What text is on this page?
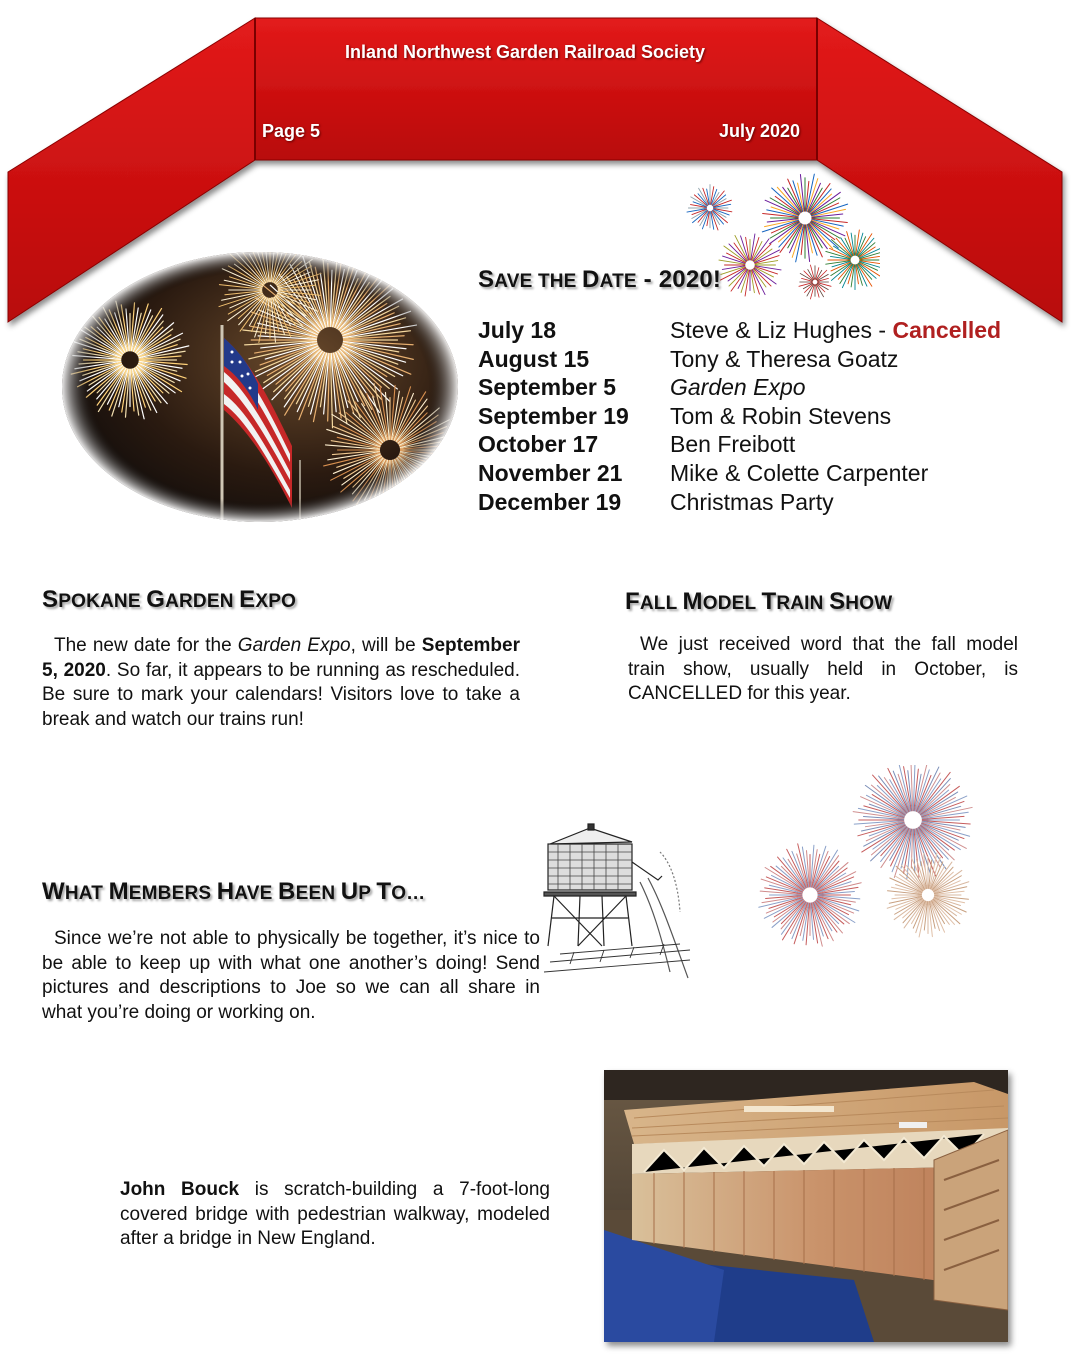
Inland Northwest Garden Railroad Society
Page 5	July 2020
SAVE THE DATE - 2020!
July 18	Steve & Liz Hughes - Cancelled
August 15	Tony & Theresa Goatz
September 5	Garden Expo
September 19	Tom & Robin Stevens
October 17	Ben Freibott
November 21	Mike & Colette Carpenter
December 19	Christmas Party
SPOKANE GARDEN EXPO
The new date for the Garden Expo, will be September 5, 2020. So far, it appears to be running as rescheduled. Be sure to mark your calendars! Visitors love to take a break and watch our trains run!
FALL MODEL TRAIN SHOW
We just received word that the fall model train show, usually held in October, is CANCELLED for this year.
WHAT MEMBERS HAVE BEEN UP TO…
Since we’re not able to physically be together, it’s nice to be able to keep up with what one another’s doing! Send pictures and descriptions to Joe so we can all share in what you’re doing or working on.
John Bouck is scratch-building a 7-foot-long covered bridge with pedestrian walkway, modeled after a bridge in New England.
